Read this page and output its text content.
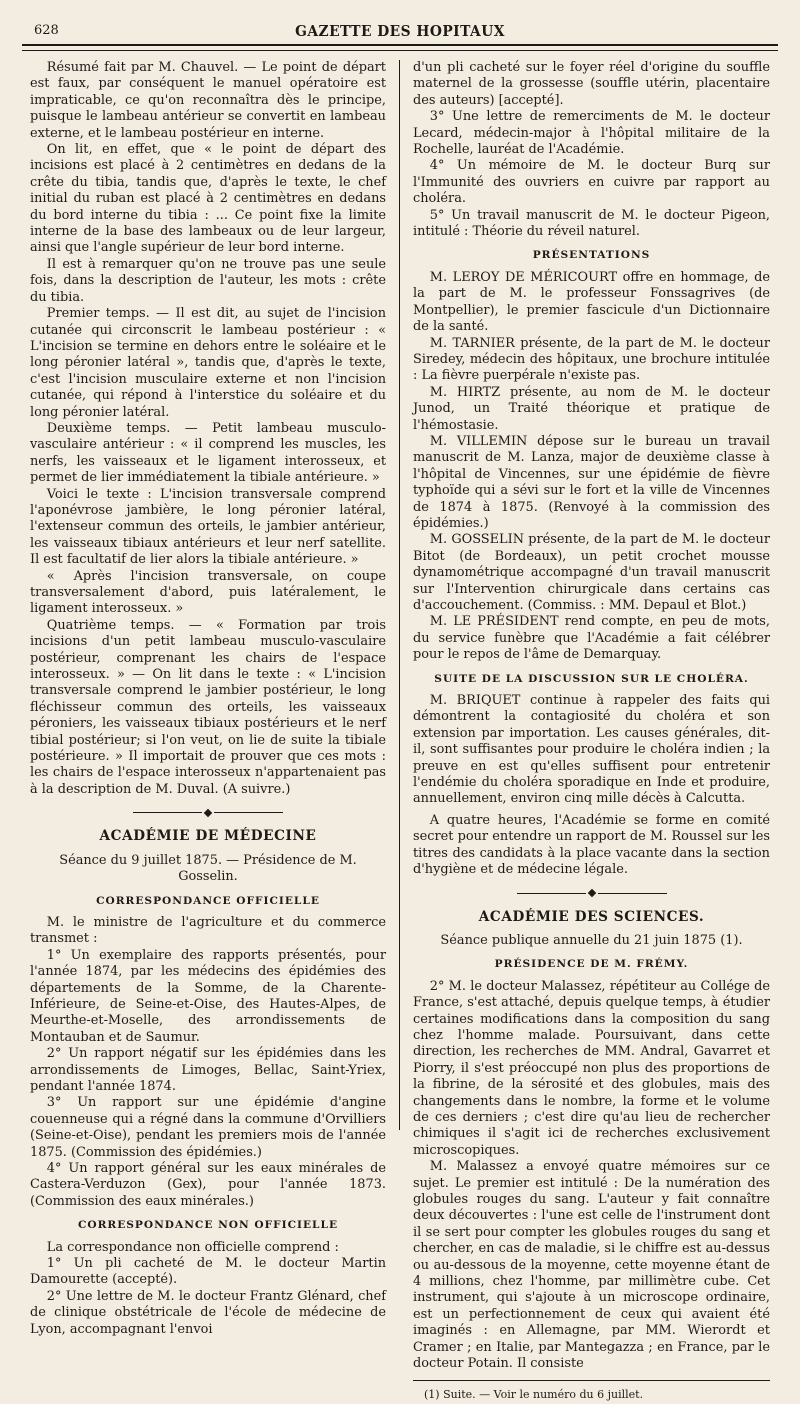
628	GAZETTE DES HOPITAUX

Résumé fait par M. Chauvel. — Le point de départ est faux, par conséquent le manuel opératoire est impraticable, ce qu'on reconnaîtra dès le principe, puisque le lambeau antérieur se convertit en lambeau externe, et le lambeau postérieur en interne.

On lit, en effet, que « le point de départ des incisions est placé à 2 centimètres en dedans de la crête du tibia, tandis que, d'après le texte, le chef initial du ruban est placé à 2 centimètres en dedans du bord interne du tibia : ... Ce point fixe la limite interne de la base des lambeaux ou de leur largeur, ainsi que l'angle supérieur de leur bord interne.

Il est à remarquer qu'on ne trouve pas une seule fois, dans la description de l'auteur, les mots : crête du tibia.

Premier temps. — Il est dit, au sujet de l'incision cutanée qui circonscrit le lambeau postérieur : « L'incision se termine en dehors entre le soléaire et le long péronier latéral », tandis que, d'après le texte, c'est l'incision musculaire externe et non l'incision cutanée, qui répond à l'interstice du soléaire et du long péronier latéral.

Deuxième temps. — Petit lambeau musculo-vasculaire antérieur : « il comprend les muscles, les nerfs, les vaisseaux et le ligament interosseux, et permet de lier immédiatement la tibiale antérieure. »

Voici le texte : L'incision transversale comprend l'aponévrose jambière, le long péronier latéral, l'extenseur commun des orteils, le jambier antérieur, les vaisseaux tibiaux antérieurs et leur nerf satellite. Il est facultatif de lier alors la tibiale antérieure. »

« Après l'incision transversale, on coupe transversalement d'abord, puis latéralement, le ligament interosseux. »

Quatrième temps. — « Formation par trois incisions d'un petit lambeau musculo-vasculaire postérieur, comprenant les chairs de l'espace interosseux. » — On lit dans le texte : « L'incision transversale comprend le jambier postérieur, le long fléchisseur commun des orteils, les vaisseaux péroniers, les vaisseaux tibiaux postérieurs et le nerf tibial postérieur; si l'on veut, on lie de suite la tibiale postérieure. » Il importait de prouver que ces mots : les chairs de l'espace interosseux n'appartenaient pas à la description de M. Duval. (A suivre.)

ACADÉMIE DE MÉDECINE

Séance du 9 juillet 1875. — Présidence de M. Gosselin.

CORRESPONDANCE OFFICIELLE

M. le ministre de l'agriculture et du commerce transmet :

1° Un exemplaire des rapports présentés, pour l'année 1874, par les médecins des épidémies des départements de la Somme, de la Charente-Inférieure, de Seine-et-Oise, des Hautes-Alpes, de Meurthe-et-Moselle, des arrondissements de Montauban et de Saumur.

2° Un rapport négatif sur les épidémies dans les arrondissements de Limoges, Bellac, Saint-Yriex, pendant l'année 1874.

3° Un rapport sur une épidémie d'angine couenneuse qui a régné dans la commune d'Orvilliers (Seine-et-Oise), pendant les premiers mois de l'année 1875. (Commission des épidémies.)

4° Un rapport général sur les eaux minérales de Castera-Verduzon (Gex), pour l'année 1873. (Commission des eaux minérales.)

CORRESPONDANCE NON OFFICIELLE

La correspondance non officielle comprend :

1° Un pli cacheté de M. le docteur Martin Damourette (accepté).

2° Une lettre de M. le docteur Frantz Glénard, chef de clinique obstétricale de l'école de médecine de Lyon, accompagnant l'envoi

d'un pli cacheté sur le foyer réel d'origine du souffle maternel de la grossesse (souffle utérin, placentaire des auteurs) [accepté].

3° Une lettre de remerciments de M. le docteur Lecard, médecin-major à l'hôpital militaire de la Rochelle, lauréat de l'Académie.

4° Un mémoire de M. le docteur Burq sur l'Immunité des ouvriers en cuivre par rapport au choléra.

5° Un travail manuscrit de M. le docteur Pigeon, intitulé : Théorie du réveil naturel.

PRÉSENTATIONS

M. LEROY DE MÉRICOURT offre en hommage, de la part de M. le professeur Fonssagrives (de Montpellier), le premier fascicule d'un Dictionnaire de la santé.

M. TARNIER présente, de la part de M. le docteur Siredey, médecin des hôpitaux, une brochure intitulée : La fièvre puerpérale n'existe pas.

M. HIRTZ présente, au nom de M. le docteur Junod, un Traité théorique et pratique de l'hémostasie.

M. VILLEMIN dépose sur le bureau un travail manuscrit de M. Lanza, major de deuxième classe à l'hôpital de Vincennes, sur une épidémie de fièvre typhoïde qui a sévi sur le fort et la ville de Vincennes de 1874 à 1875. (Renvoyé à la commission des épidémies.)

M. GOSSELIN présente, de la part de M. le docteur Bitot (de Bordeaux), un petit crochet mousse dynamométrique accompagné d'un travail manuscrit sur l'Intervention chirurgicale dans certains cas d'accouchement. (Commiss. : MM. Depaul et Blot.)

M. LE PRÉSIDENT rend compte, en peu de mots, du service funèbre que l'Académie a fait célébrer pour le repos de l'âme de Demarquay.

SUITE DE LA DISCUSSION SUR LE CHOLÉRA.

M. BRIQUET continue à rappeler des faits qui démontrent la contagiosité du choléra et son extension par importation. Les causes générales, dit-il, sont suffisantes pour produire le choléra indien ; la preuve en est qu'elles suffisent pour entretenir l'endémie du choléra sporadique en Inde et produire, annuellement, environ cinq mille décès à Calcutta.

A quatre heures, l'Académie se forme en comité secret pour entendre un rapport de M. Roussel sur les titres des candidats à la place vacante dans la section d'hygiène et de médecine légale.

ACADÉMIE DES SCIENCES.

Séance publique annuelle du 21 juin 1875 (1).

PRÉSIDENCE DE M. FRÉMY.

2° M. le docteur Malassez, répétiteur au Collége de France, s'est attaché, depuis quelque temps, à étudier certaines modifications dans la composition du sang chez l'homme malade. Poursuivant, dans cette direction, les recherches de MM. Andral, Gavarret et Piorry, il s'est préoccupé non plus des proportions de la fibrine, de la sérosité et des globules, mais des changements dans le nombre, la forme et le volume de ces derniers ; c'est dire qu'au lieu de rechercher chimiques il s'agit ici de recherches exclusivement microscopiques.

M. Malassez a envoyé quatre mémoires sur ce sujet. Le premier est intitulé : De la numération des globules rouges du sang. L'auteur y fait connaître deux découvertes : l'une est celle de l'instrument dont il se sert pour compter les globules rouges du sang et chercher, en cas de maladie, si le chiffre est au-dessus ou au-dessous de la moyenne, cette moyenne étant de 4 millions, chez l'homme, par millimètre cube. Cet instrument, qui s'ajoute à un microscope ordinaire, est un perfectionnement de ceux qui avaient été imaginés : en Allemagne, par MM. Wierordt et Cramer ; en Italie, par Mantegazza ; en France, par le docteur Potain. Il consiste

(1) Suite. — Voir le numéro du 6 juillet.
